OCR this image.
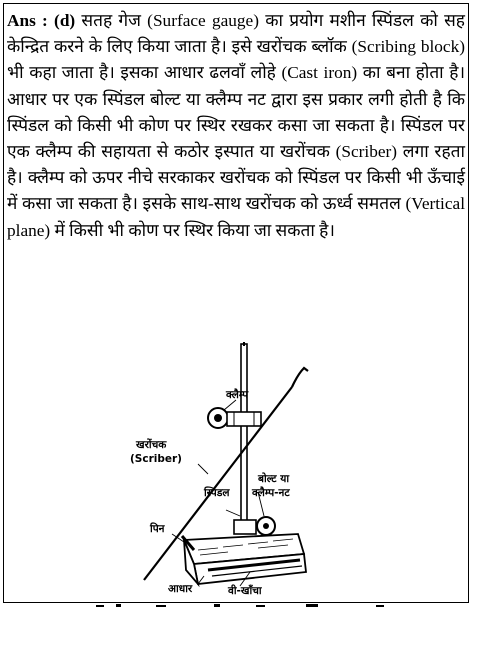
Ans : (d) सतह गेज (Surface gauge) का प्रयोग मशीन स्पिंडल को सह केन्द्रित करने के लिए किया जाता है। इसे खरोंचक ब्लॉक (Scribing block) भी कहा जाता है। इसका आधार ढलवाँ लोहे (Cast iron) का बना होता है। आधार पर एक स्पिंडल बोल्ट या क्लैम्प नट द्वारा इस प्रकार लगी होती है कि स्पिंडल को किसी भी कोण पर स्थिर रखकर कसा जा सकता है। स्पिंडल पर एक क्लैम्प की सहायता से कठोर इस्पात या खरोंचक (Scriber) लगा रहता है। क्लैम्प को ऊपर नीचे सरकाकर खरोंचक को स्पिंडल पर किसी भी ऊँचाई में कसा जा सकता है। इसके साथ-साथ खरोंचक को ऊर्ध्व समतल (Vertical plane) में किसी भी कोण पर स्थिर किया जा सकता है।

क्लैम्प
खरोंचक
(Scriber)
स्पिंडल
बोल्ट या
क्लैम्प-नट
पिन
आधार	वी-खाँचा
